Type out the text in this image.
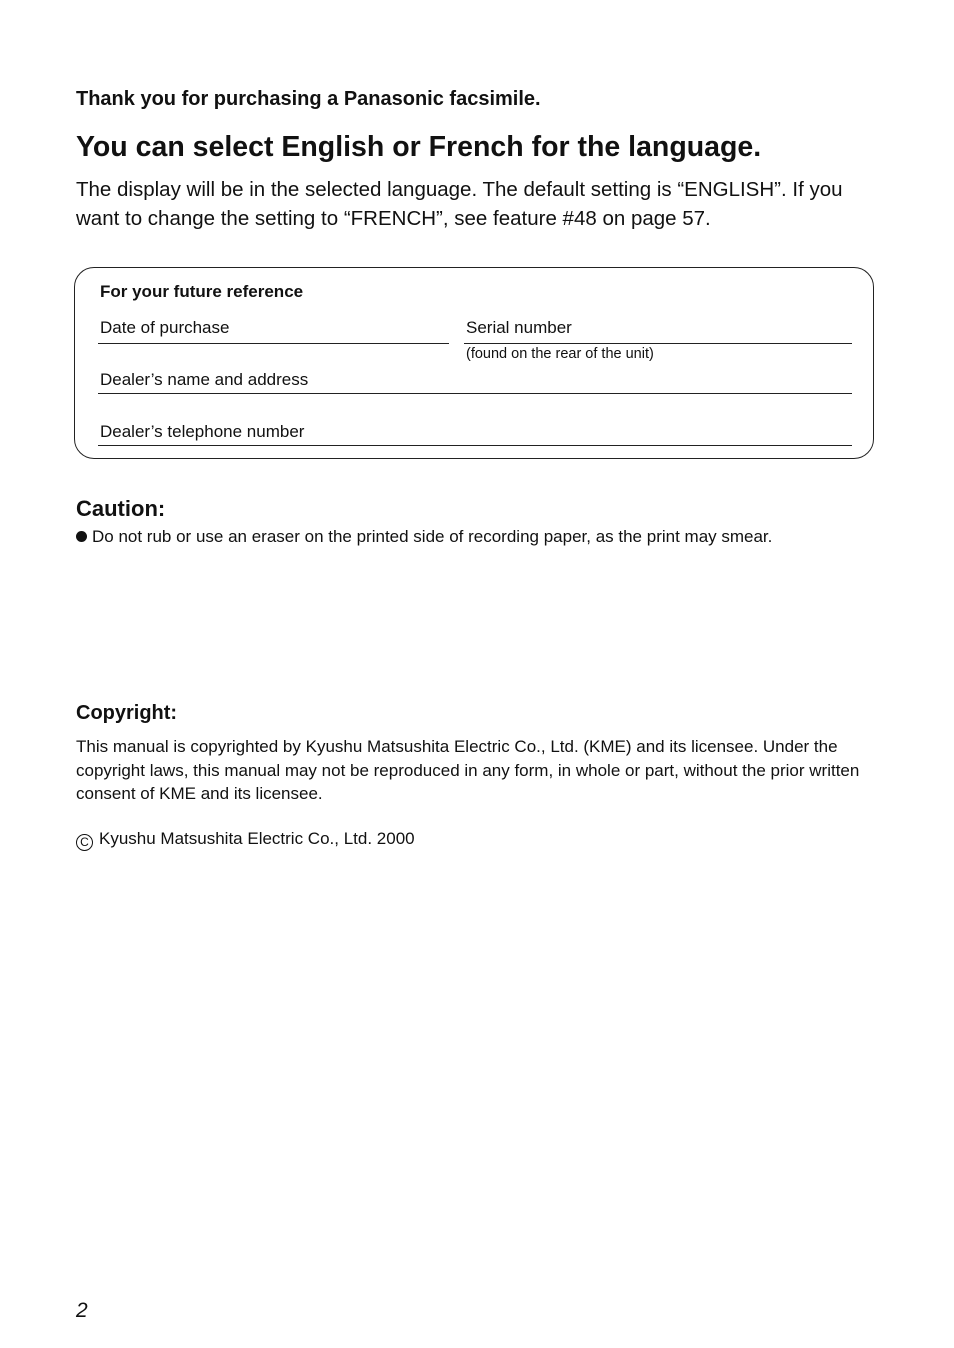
Thank you for purchasing a Panasonic facsimile.
You can select English or French for the language.
The display will be in the selected language. The default setting is “ENGLISH”. If you want to change the setting to “FRENCH”, see feature #48 on page 57.
For your future reference
Date of purchase	Serial number
(found on the rear of the unit)
Dealer’s name and address
Dealer’s telephone number
Caution:
Do not rub or use an eraser on the printed side of recording paper, as the print may smear.
Copyright:
This manual is copyrighted by Kyushu Matsushita Electric Co., Ltd. (KME) and its licensee. Under the copyright laws, this manual may not be reproduced in any form, in whole or part, without the prior written consent of KME and its licensee.
C Kyushu Matsushita Electric Co., Ltd. 2000
2
